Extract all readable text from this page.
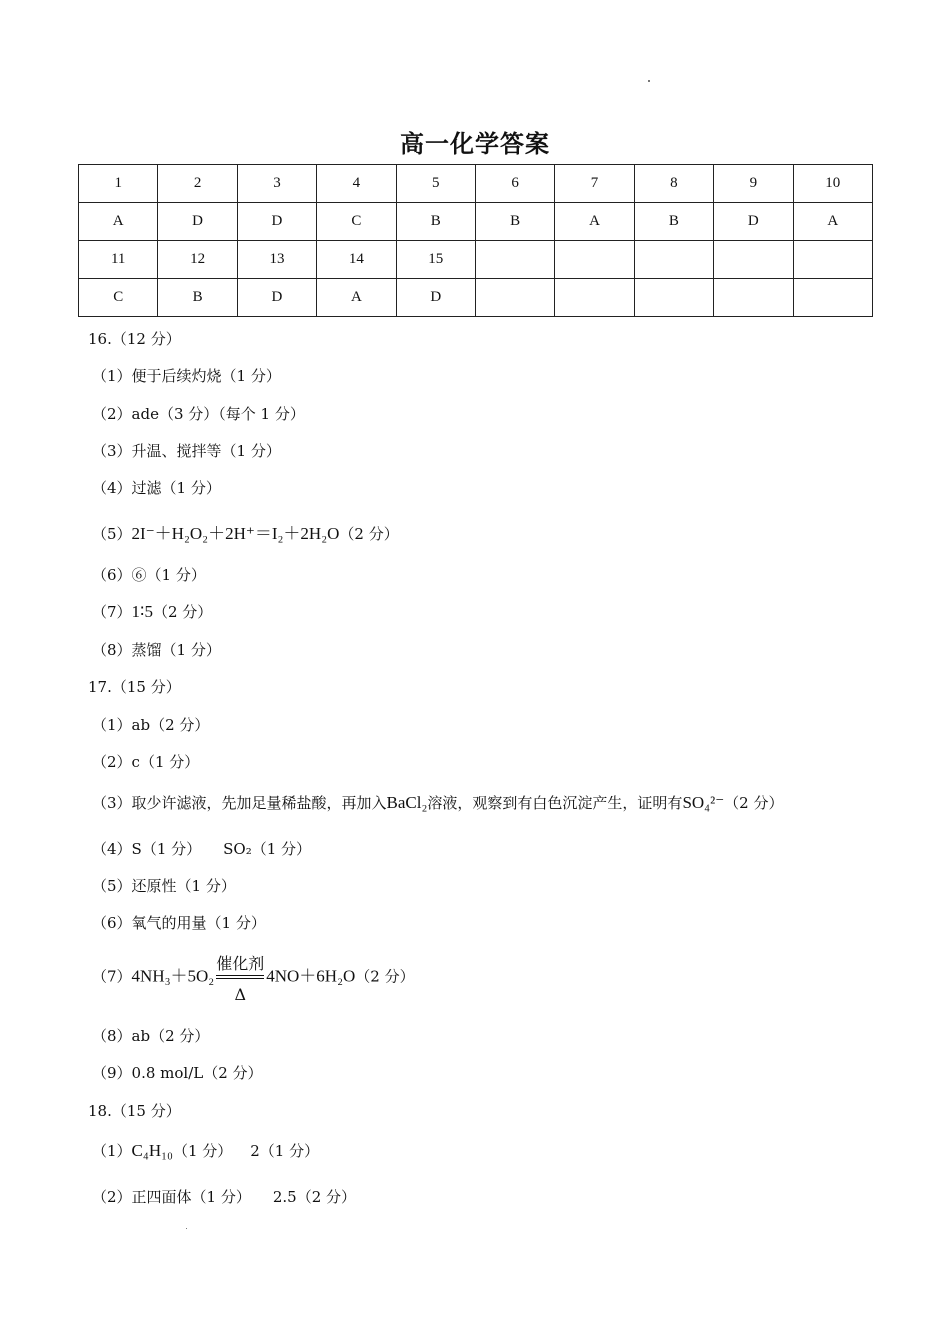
高一化学答案
1	2	3	4	5	6	7	8	9	10
A	D	D	C	B	B	A	B	D	A
11	12	13	14	15					
C	B	D	A	D					
16.（12 分）
（1）便于后续灼烧（1 分）
（2）ade（3 分）（每个 1 分）
（3）升温、搅拌等（1 分）
（4）过滤（1 分）
（5）2I⁻＋H₂O₂＋2H⁺＝I₂＋2H₂O（2 分）
（6）⑥（1 分）
（7）1∶5（2 分）
（8）蒸馏（1 分）
17.（15 分）
（1）ab（2 分）
（2）c（1 分）
（3）取少许滤液，先加足量稀盐酸，再加入BaCl₂溶液，观察到有白色沉淀产生，证明有SO₄²⁻（2 分）
（4）S（1 分） SO₂（1 分）
（5）还原性（1 分）
（6）氧气的用量（1 分）
$(7)4NH_3+5O_2 \frac{\text{催化剂}}{\Delta} 4NO+6H_2O(2$ 分）
（8）ab（2 分）
（9）0.8 mol/L（2 分）
18.（15 分）
（1）C₄H₁₀（1 分） 2（1 分）
（2）正四面体（1 分） 2.5（2 分）
